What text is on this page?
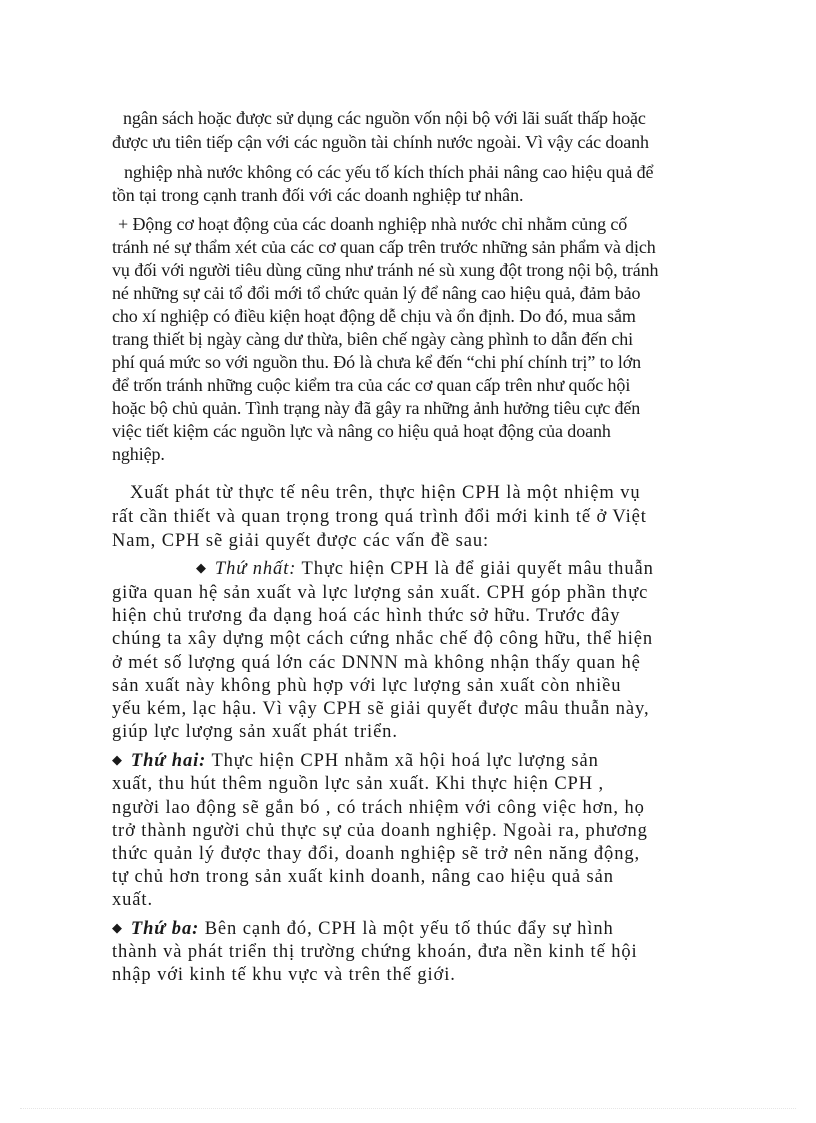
ngân sách hoặc được sử dụng các nguồn vốn nội bộ với lãi suất thấp hoặc
được ưu tiên tiếp cận với các nguồn tài chính nước ngoài. Vì vậy các doanh
nghiệp nhà nước không có các yếu tố kích thích phải nâng cao hiệu quả để
tồn tại trong cạnh tranh đối với các doanh nghiệp tư nhân.
+ Động cơ hoạt động của các doanh nghiệp nhà nước chỉ nhằm củng cố
tránh né sự thẩm xét của các cơ quan cấp trên trước những sản phẩm và dịch
vụ đối với người tiêu dùng cũng như tránh né sù xung đột trong nội bộ, tránh
né những sự cải tổ đổi mới tổ chức quản lý để nâng cao hiệu quả, đảm bảo
cho xí nghiệp có điều kiện hoạt động dễ chịu và ổn định. Do đó, mua sắm
trang thiết bị ngày càng dư thừa, biên chế ngày càng phình to dẫn đến chi
phí quá mức so với nguồn thu. Đó là chưa kể đến “chi phí chính trị” to lớn
để trốn tránh những cuộc kiểm tra của các cơ quan cấp trên như quốc hội
hoặc bộ chủ quản. Tình trạng này đã gây ra những ảnh hưởng tiêu cực đến
việc tiết kiệm các nguồn lực và nâng co hiệu quả hoạt động của doanh
nghiệp.
Xuất phát từ thực tế nêu trên, thực hiện CPH là một nhiệm vụ
rất cần thiết và quan trọng trong quá trình đổi mới kinh tế ở Việt
Nam, CPH sẽ giải quyết được các vấn đề sau:
◆ Thứ nhất: Thực hiện CPH là để giải quyết mâu thuẫn
giữa quan hệ sản xuất và lực lượng sản xuất. CPH góp phần thực
hiện chủ trương đa dạng hoá các hình thức sở hữu. Trước đây
chúng ta xây dựng một cách cứng nhắc chế độ công hữu, thể hiện
ở mét số lượng quá lớn các DNNN mà không nhận thấy quan hệ
sản xuất này không phù hợp với lực lượng sản xuất còn nhiều
yếu kém, lạc hậu. Vì vậy CPH sẽ giải quyết được mâu thuẫn này,
giúp lực lượng sản xuất phát triển.
◆ Thứ hai: Thực hiện CPH nhằm xã hội hoá lực lượng sản
xuất, thu hút thêm nguồn lực sản xuất. Khi thực hiện CPH ,
người lao động sẽ gắn bó , có trách nhiệm với công việc hơn, họ
trở thành người chủ thực sự của doanh nghiệp. Ngoài ra, phương
thức quản lý được thay đổi, doanh nghiệp sẽ trở nên năng động,
tự chủ hơn trong sản xuất kinh doanh, nâng cao hiệu quả sản
xuất.
◆ Thứ ba: Bên cạnh đó, CPH là một yếu tố thúc đẩy sự hình
thành và phát triển thị trường chứng khoán, đưa nền kinh tế hội
nhập với kinh tế khu vực và trên thế giới.
